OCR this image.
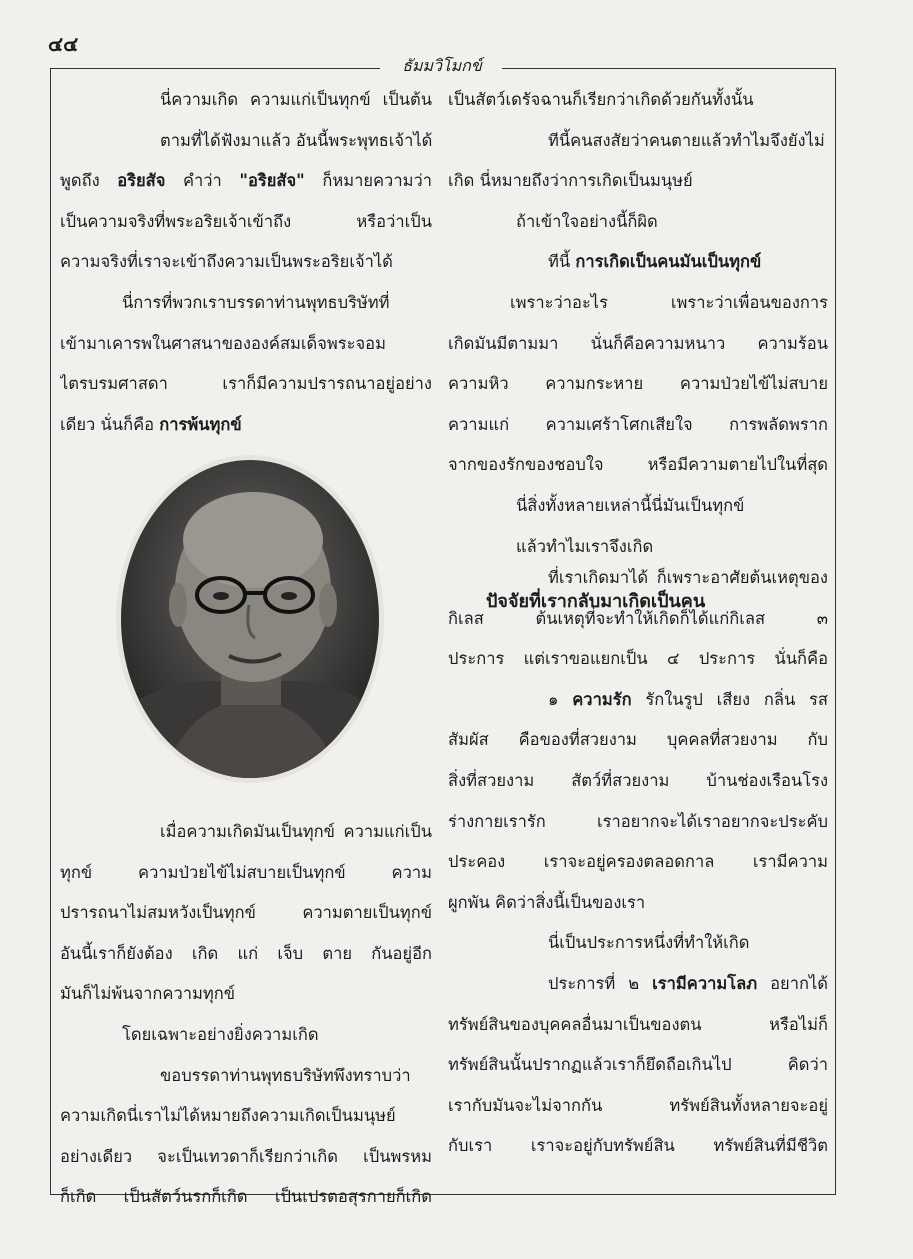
๔๔
ธัมมวิโมกข์
นี่ความเกิด ความแก่เป็นทุกข์ เป็นต้น
ตามที่ได้ฟังมาแล้ว อันนี้พระพุทธเจ้าได้
พูดถึง อริยสัจ คำว่า "อริยสัจ" ก็หมายความว่า
เป็นความจริงที่พระอริยเจ้าเข้าถึง หรือว่าเป็น
ความจริงที่เราจะเข้าถึงความเป็นพระอริยเจ้าได้
นี่การที่พวกเราบรรดาท่านพุทธบริษัทที่
เข้ามาเคารพในศาสนาขององค์สมเด็จพระจอม
ไตรบรมศาสดา เราก็มีความปรารถนาอยู่อย่าง
เดียว นั่นก็คือ การพ้นทุกข์
เมื่อความเกิดมันเป็นทุกข์ ความแก่เป็น
ทุกข์ ความป่วยไข้ไม่สบายเป็นทุกข์ ความ
ปรารถนาไม่สมหวังเป็นทุกข์ ความตายเป็นทุกข์
อันนี้เราก็ยังต้อง เกิด แก่ เจ็บ ตาย กันอยู่อีก
มันก็ไม่พ้นจากความทุกข์
โดยเฉพาะอย่างยิ่งความเกิด
ขอบรรดาท่านพุทธบริษัทพึงทราบว่า
ความเกิดนี่เราไม่ได้หมายถึงความเกิดเป็นมนุษย์
อย่างเดียว จะเป็นเทวดาก็เรียกว่าเกิด เป็นพรหม
ก็เกิด เป็นสัตว์นรกก็เกิด เป็นเปรตอสุรกายก็เกิด
เป็นสัตว์เดรัจฉานก็เรียกว่าเกิดด้วยกันทั้งนั้น
ทีนี้คนสงสัยว่าคนตายแล้วทำไมจึงยังไม่
เกิด นี่หมายถึงว่าการเกิดเป็นมนุษย์
ถ้าเข้าใจอย่างนี้ก็ผิด
ทีนี้ การเกิดเป็นคนมันเป็นทุกข์
เพราะว่าอะไร เพราะว่าเพื่อนของการ
เกิดมันมีตามมา นั่นก็คือความหนาว ความร้อน
ความหิว ความกระหาย ความป่วยไข้ไม่สบาย
ความแก่ ความเศร้าโศกเสียใจ การพลัดพราก
จากของรักของชอบใจ หรือมีความตายไปในที่สุด
นี่สิ่งทั้งหลายเหล่านี้นี่มันเป็นทุกข์
แล้วทำไมเราจึงเกิด
ปัจจัยที่เรากลับมาเกิดเป็นคน
ที่เราเกิดมาได้ ก็เพราะอาศัยต้นเหตุของ
กิเลส ต้นเหตุที่จะทำให้เกิดก็ได้แก่กิเลส ๓
ประการ แต่เราขอแยกเป็น ๔ ประการ นั่นก็คือ
๑ ความรัก รักในรูป เสียง กลิ่น รส
สัมผัส คือของที่สวยงาม บุคคลที่สวยงาม กับ
สิ่งที่สวยงาม สัตว์ที่สวยงาม บ้านช่องเรือนโรง
ร่างกายเรารัก เราอยากจะได้เราอยากจะประคับ
ประคอง เราจะอยู่ครองตลอดกาล เรามีความ
ผูกพัน คิดว่าสิ่งนี้เป็นของเรา
นี่เป็นประการหนึ่งที่ทำให้เกิด
ประการที่ ๒ เรามีความโลภ อยากได้
ทรัพย์สินของบุคคลอื่นมาเป็นของตน หรือไม่ก็
ทรัพย์สินนั้นปรากฏแล้วเราก็ยึดถือเกินไป คิดว่า
เรากับมันจะไม่จากกัน ทรัพย์สินทั้งหลายจะอยู่
กับเรา เราจะอยู่กับทรัพย์สิน ทรัพย์สินที่มีชีวิต
